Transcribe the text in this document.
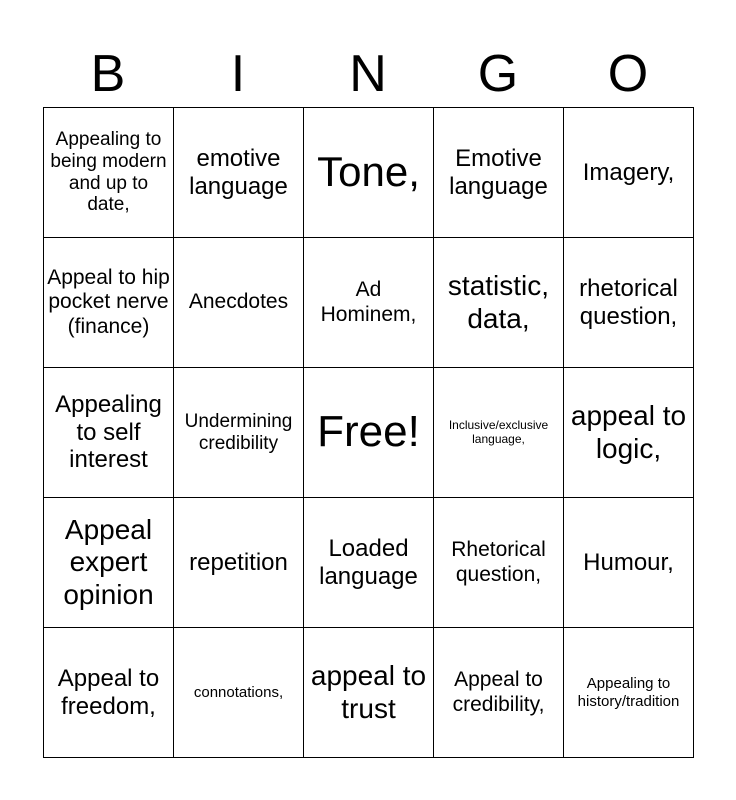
B	I	N	G	O
Appealing to being modern and up to date,	emotive language	Tone,	Emotive language	Imagery,
Appeal to hip pocket nerve (finance)	Anecdotes	Ad Hominem,	statistic, data,	rhetorical question,
Appealing to self interest	Undermining credibility	Free!	Inclusive/exclusive language,	appeal to logic,
Appeal expert opinion	repetition	Loaded language	Rhetorical question,	Humour,
Appeal to freedom,	connotations,	appeal to trust	Appeal to credibility,	Appealing to history/tradition
